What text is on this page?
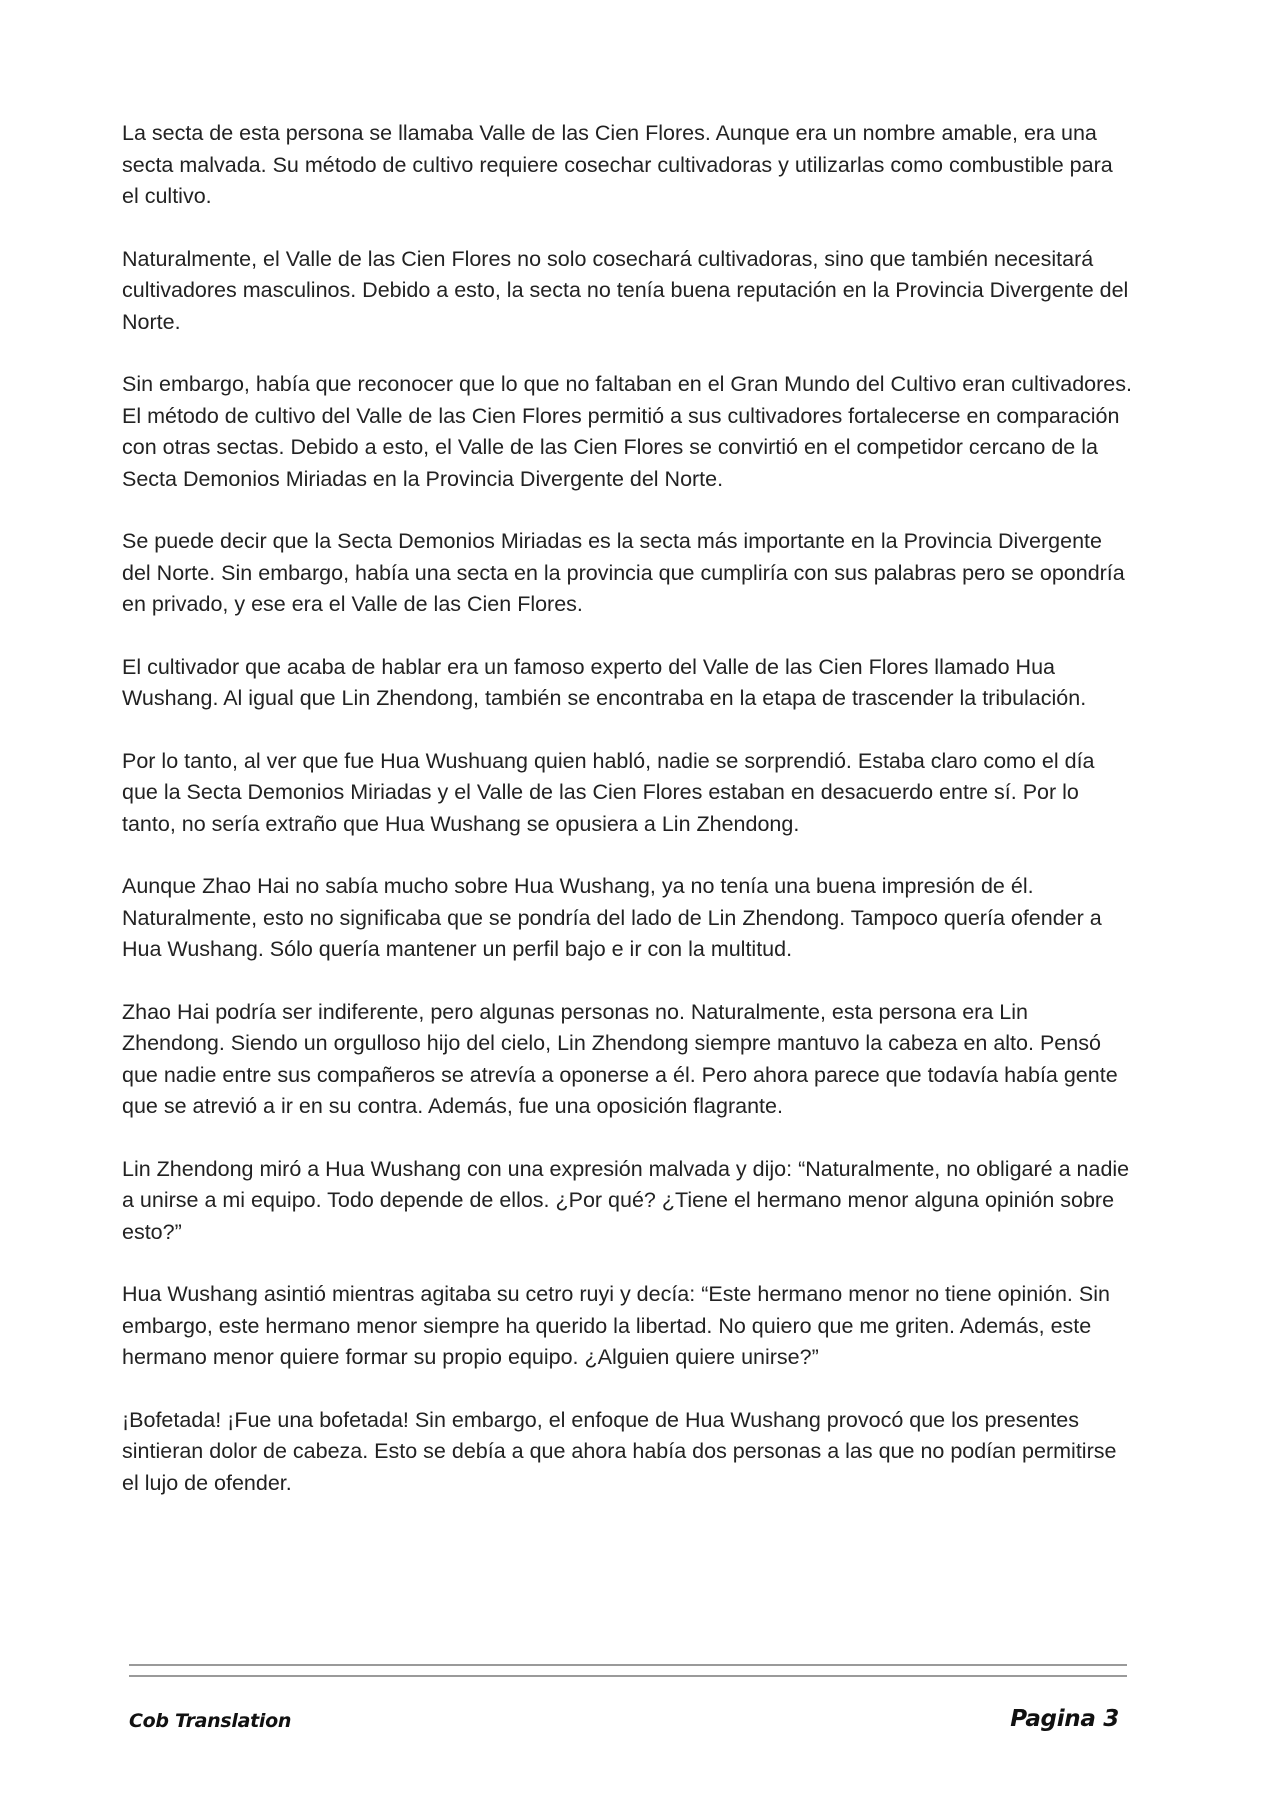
La secta de esta persona se llamaba Valle de las Cien Flores. Aunque era un nombre amable, era una secta malvada. Su método de cultivo requiere cosechar cultivadoras y utilizarlas como combustible para el cultivo.

Naturalmente, el Valle de las Cien Flores no solo cosechará cultivadoras, sino que también necesitará cultivadores masculinos. Debido a esto, la secta no tenía buena reputación en la Provincia Divergente del Norte.

Sin embargo, había que reconocer que lo que no faltaban en el Gran Mundo del Cultivo eran cultivadores. El método de cultivo del Valle de las Cien Flores permitió a sus cultivadores fortalecerse en comparación con otras sectas. Debido a esto, el Valle de las Cien Flores se convirtió en el competidor cercano de la Secta Demonios Miriadas en la Provincia Divergente del Norte.

Se puede decir que la Secta Demonios Miriadas es la secta más importante en la Provincia Divergente del Norte. Sin embargo, había una secta en la provincia que cumpliría con sus palabras pero se opondría en privado, y ese era el Valle de las Cien Flores.

El cultivador que acaba de hablar era un famoso experto del Valle de las Cien Flores llamado Hua Wushang. Al igual que Lin Zhendong, también se encontraba en la etapa de trascender la tribulación.

Por lo tanto, al ver que fue Hua Wushuang quien habló, nadie se sorprendió. Estaba claro como el día que la Secta Demonios Miriadas y el Valle de las Cien Flores estaban en desacuerdo entre sí. Por lo tanto, no sería extraño que Hua Wushang se opusiera a Lin Zhendong.

Aunque Zhao Hai no sabía mucho sobre Hua Wushang, ya no tenía una buena impresión de él. Naturalmente, esto no significaba que se pondría del lado de Lin Zhendong. Tampoco quería ofender a Hua Wushang. Sólo quería mantener un perfil bajo e ir con la multitud.

Zhao Hai podría ser indiferente, pero algunas personas no. Naturalmente, esta persona era Lin Zhendong. Siendo un orgulloso hijo del cielo, Lin Zhendong siempre mantuvo la cabeza en alto. Pensó que nadie entre sus compañeros se atrevía a oponerse a él. Pero ahora parece que todavía había gente que se atrevió a ir en su contra. Además, fue una oposición flagrante.

Lin Zhendong miró a Hua Wushang con una expresión malvada y dijo: “Naturalmente, no obligaré a nadie a unirse a mi equipo. Todo depende de ellos. ¿Por qué? ¿Tiene el hermano menor alguna opinión sobre esto?”

Hua Wushang asintió mientras agitaba su cetro ruyi y decía: “Este hermano menor no tiene opinión. Sin embargo, este hermano menor siempre ha querido la libertad. No quiero que me griten. Además, este hermano menor quiere formar su propio equipo. ¿Alguien quiere unirse?”

¡Bofetada! ¡Fue una bofetada! Sin embargo, el enfoque de Hua Wushang provocó que los presentes sintieran dolor de cabeza. Esto se debía a que ahora había dos personas a las que no podían permitirse el lujo de ofender.

Cob Translation	Pagina 3
